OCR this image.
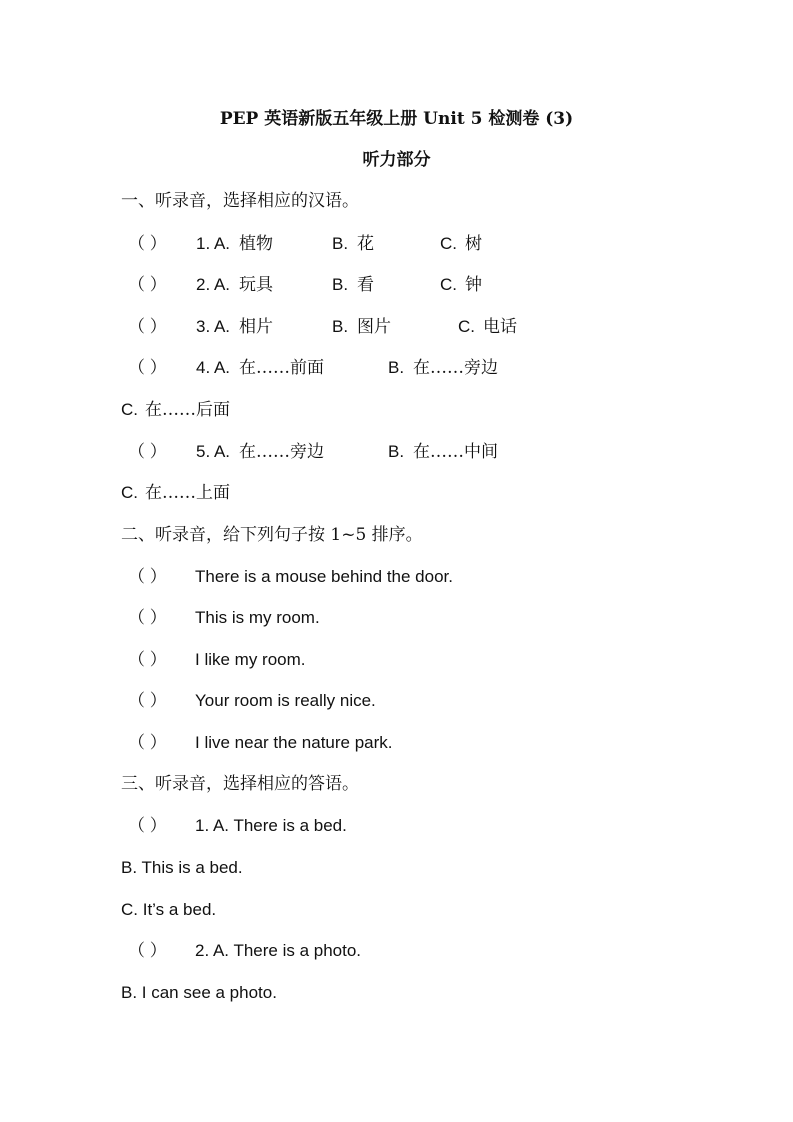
PEP 英语新版五年级上册 Unit 5 检测卷 (3)
听力部分
一、听录音，选择相应的汉语。
（ ） 1. A. 植物	B. 花	C. 树
（ ） 2. A. 玩具	B. 看	C. 钟
（ ） 3. A. 相片	B. 图片	C. 电话
（ ） 4. A. 在……前面	B. 在……旁边
C. 在……后面
（ ） 5. A. 在……旁边	B. 在……中间
C. 在……上面
二、听录音，给下列句子按 1~5 排序。
（ ） There is a mouse behind the door.
（ ） This is my room.
（ ） I like my room.
（ ） Your room is really nice.
（ ） I live near the nature park.
三、听录音，选择相应的答语。
（ ） 1. A. There is a bed.
B. This is a bed.
C. It’s a bed.
（ ） 2. A. There is a photo.
B. I can see a photo.
